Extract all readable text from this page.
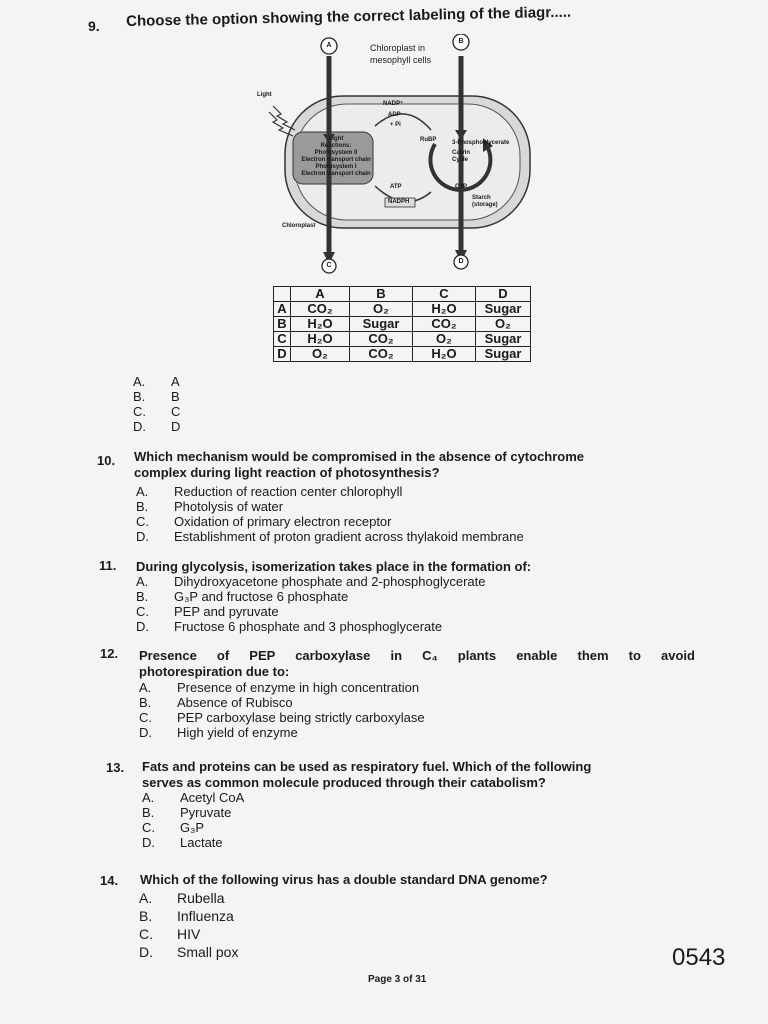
9. Choose the option showing the correct labeling of the diagr.....
A
B
C
D
Chloroplast in
mesophyll cells
Light
NADP⁺
ADP
+ Pi
RuBP	3-Phosphoglycerate
Calvin
Cycle
Light
Reactions:
Photosystem II
Electron transport chain
Photosystem I
Electron transport chain
ATP
NADPH
G3P
Starch
(storage)
Chloroplast
	A	B	C	D
A	CO₂	O₂	H₂O	Sugar
B	H₂O	Sugar	CO₂	O₂
C	H₂O	CO₂	O₂	Sugar
D	O₂	CO₂	H₂O	Sugar
A. A
B. B
C. C
D. D
10. Which mechanism would be compromised in the absence of cytochrome
complex during light reaction of photosynthesis?
A. Reduction of reaction center chlorophyll
B. Photolysis of water
C. Oxidation of primary electron receptor
D. Establishment of proton gradient across thylakoid membrane
11. During glycolysis, isomerization takes place in the formation of:
A. Dihydroxyacetone phosphate and 2-phosphoglycerate
B. G₃P and fructose 6 phosphate
C. PEP and pyruvate
D. Fructose 6 phosphate and 3 phosphoglycerate
12. Presence of PEP carboxylase in C₄ plants enable them to avoid
photorespiration due to:
A. Presence of enzyme in high concentration
B. Absence of Rubisco
C. PEP carboxylase being strictly carboxylase
D. High yield of enzyme
13. Fats and proteins can be used as respiratory fuel. Which of the following
serves as common molecule produced through their catabolism?
A. Acetyl CoA
B. Pyruvate
C. G₃P
D. Lactate
14. Which of the following virus has a double standard DNA genome?
A. Rubella
B. Influenza
C. HIV
D. Small pox	0543
Page 3 of 31
